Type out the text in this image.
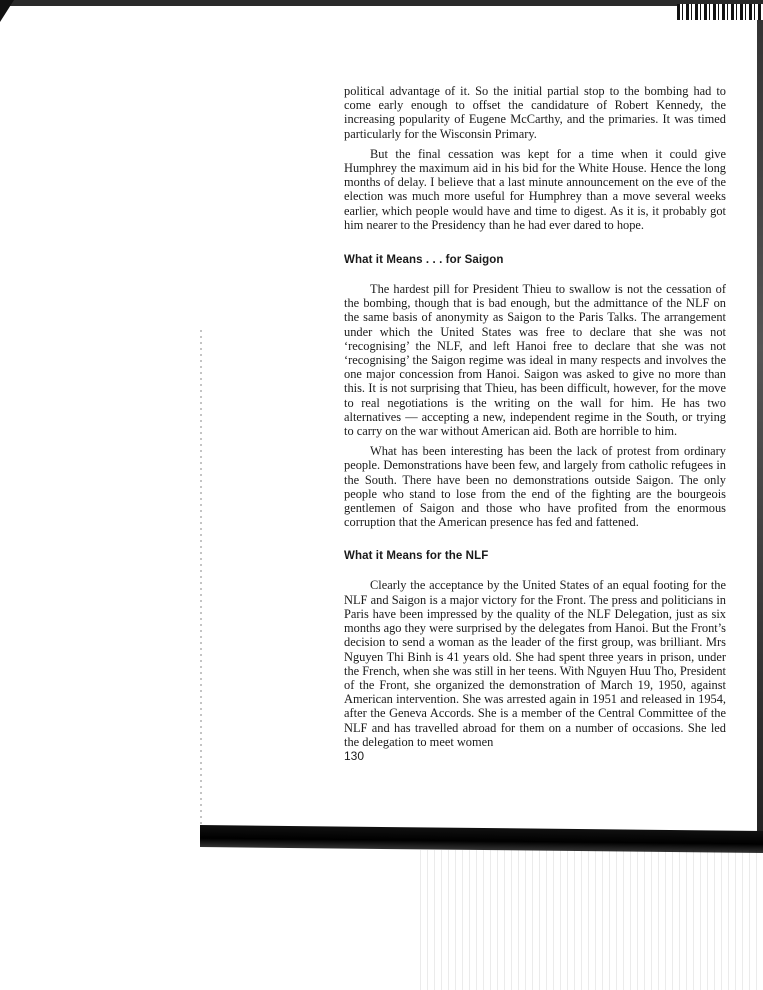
political advantage of it. So the initial partial stop to the bombing had to come early enough to offset the candidature of Robert Kennedy, the increasing popularity of Eugene McCarthy, and the primaries. It was timed particularly for the Wisconsin Primary.

But the final cessation was kept for a time when it could give Humphrey the maximum aid in his bid for the White House. Hence the long months of delay. I believe that a last minute announcement on the eve of the election was much more useful for Humphrey than a move several weeks earlier, which people would have and time to digest. As it is, it probably got him nearer to the Presidency than he had ever dared to hope.

What it Means . . . for Saigon

The hardest pill for President Thieu to swallow is not the cessation of the bombing, though that is bad enough, but the admittance of the NLF on the same basis of anonymity as Saigon to the Paris Talks. The arrangement under which the United States was free to declare that she was not ‘recognising’ the NLF, and left Hanoi free to declare that she was not ‘recognising’ the Saigon regime was ideal in many respects and involves the one major concession from Hanoi. Saigon was asked to give no more than this. It is not surprising that Thieu, has been difficult, however, for the move to real negotiations is the writing on the wall for him. He has two alternatives — accepting a new, independent regime in the South, or trying to carry on the war without American aid. Both are horrible to him.

What has been interesting has been the lack of protest from ordinary people. Demonstrations have been few, and largely from catholic refugees in the South. There have been no demonstrations outside Saigon. The only people who stand to lose from the end of the fighting are the bourgeois gentlemen of Saigon and those who have profited from the enormous corruption that the American presence has fed and fattened.

What it Means for the NLF

Clearly the acceptance by the United States of an equal footing for the NLF and Saigon is a major victory for the Front. The press and politicians in Paris have been impressed by the quality of the NLF Delegation, just as six months ago they were surprised by the delegates from Hanoi. But the Front’s decision to send a woman as the leader of the first group, was brilliant. Mrs Nguyen Thi Binh is 41 years old. She had spent three years in prison, under the French, when she was still in her teens. With Nguyen Huu Tho, President of the Front, she organized the demonstration of March 19, 1950, against American intervention. She was arrested again in 1951 and released in 1954, after the Geneva Accords. She is a member of the Central Committee of the NLF and has travelled abroad for them on a number of occasions. She led the delegation to meet women

130
